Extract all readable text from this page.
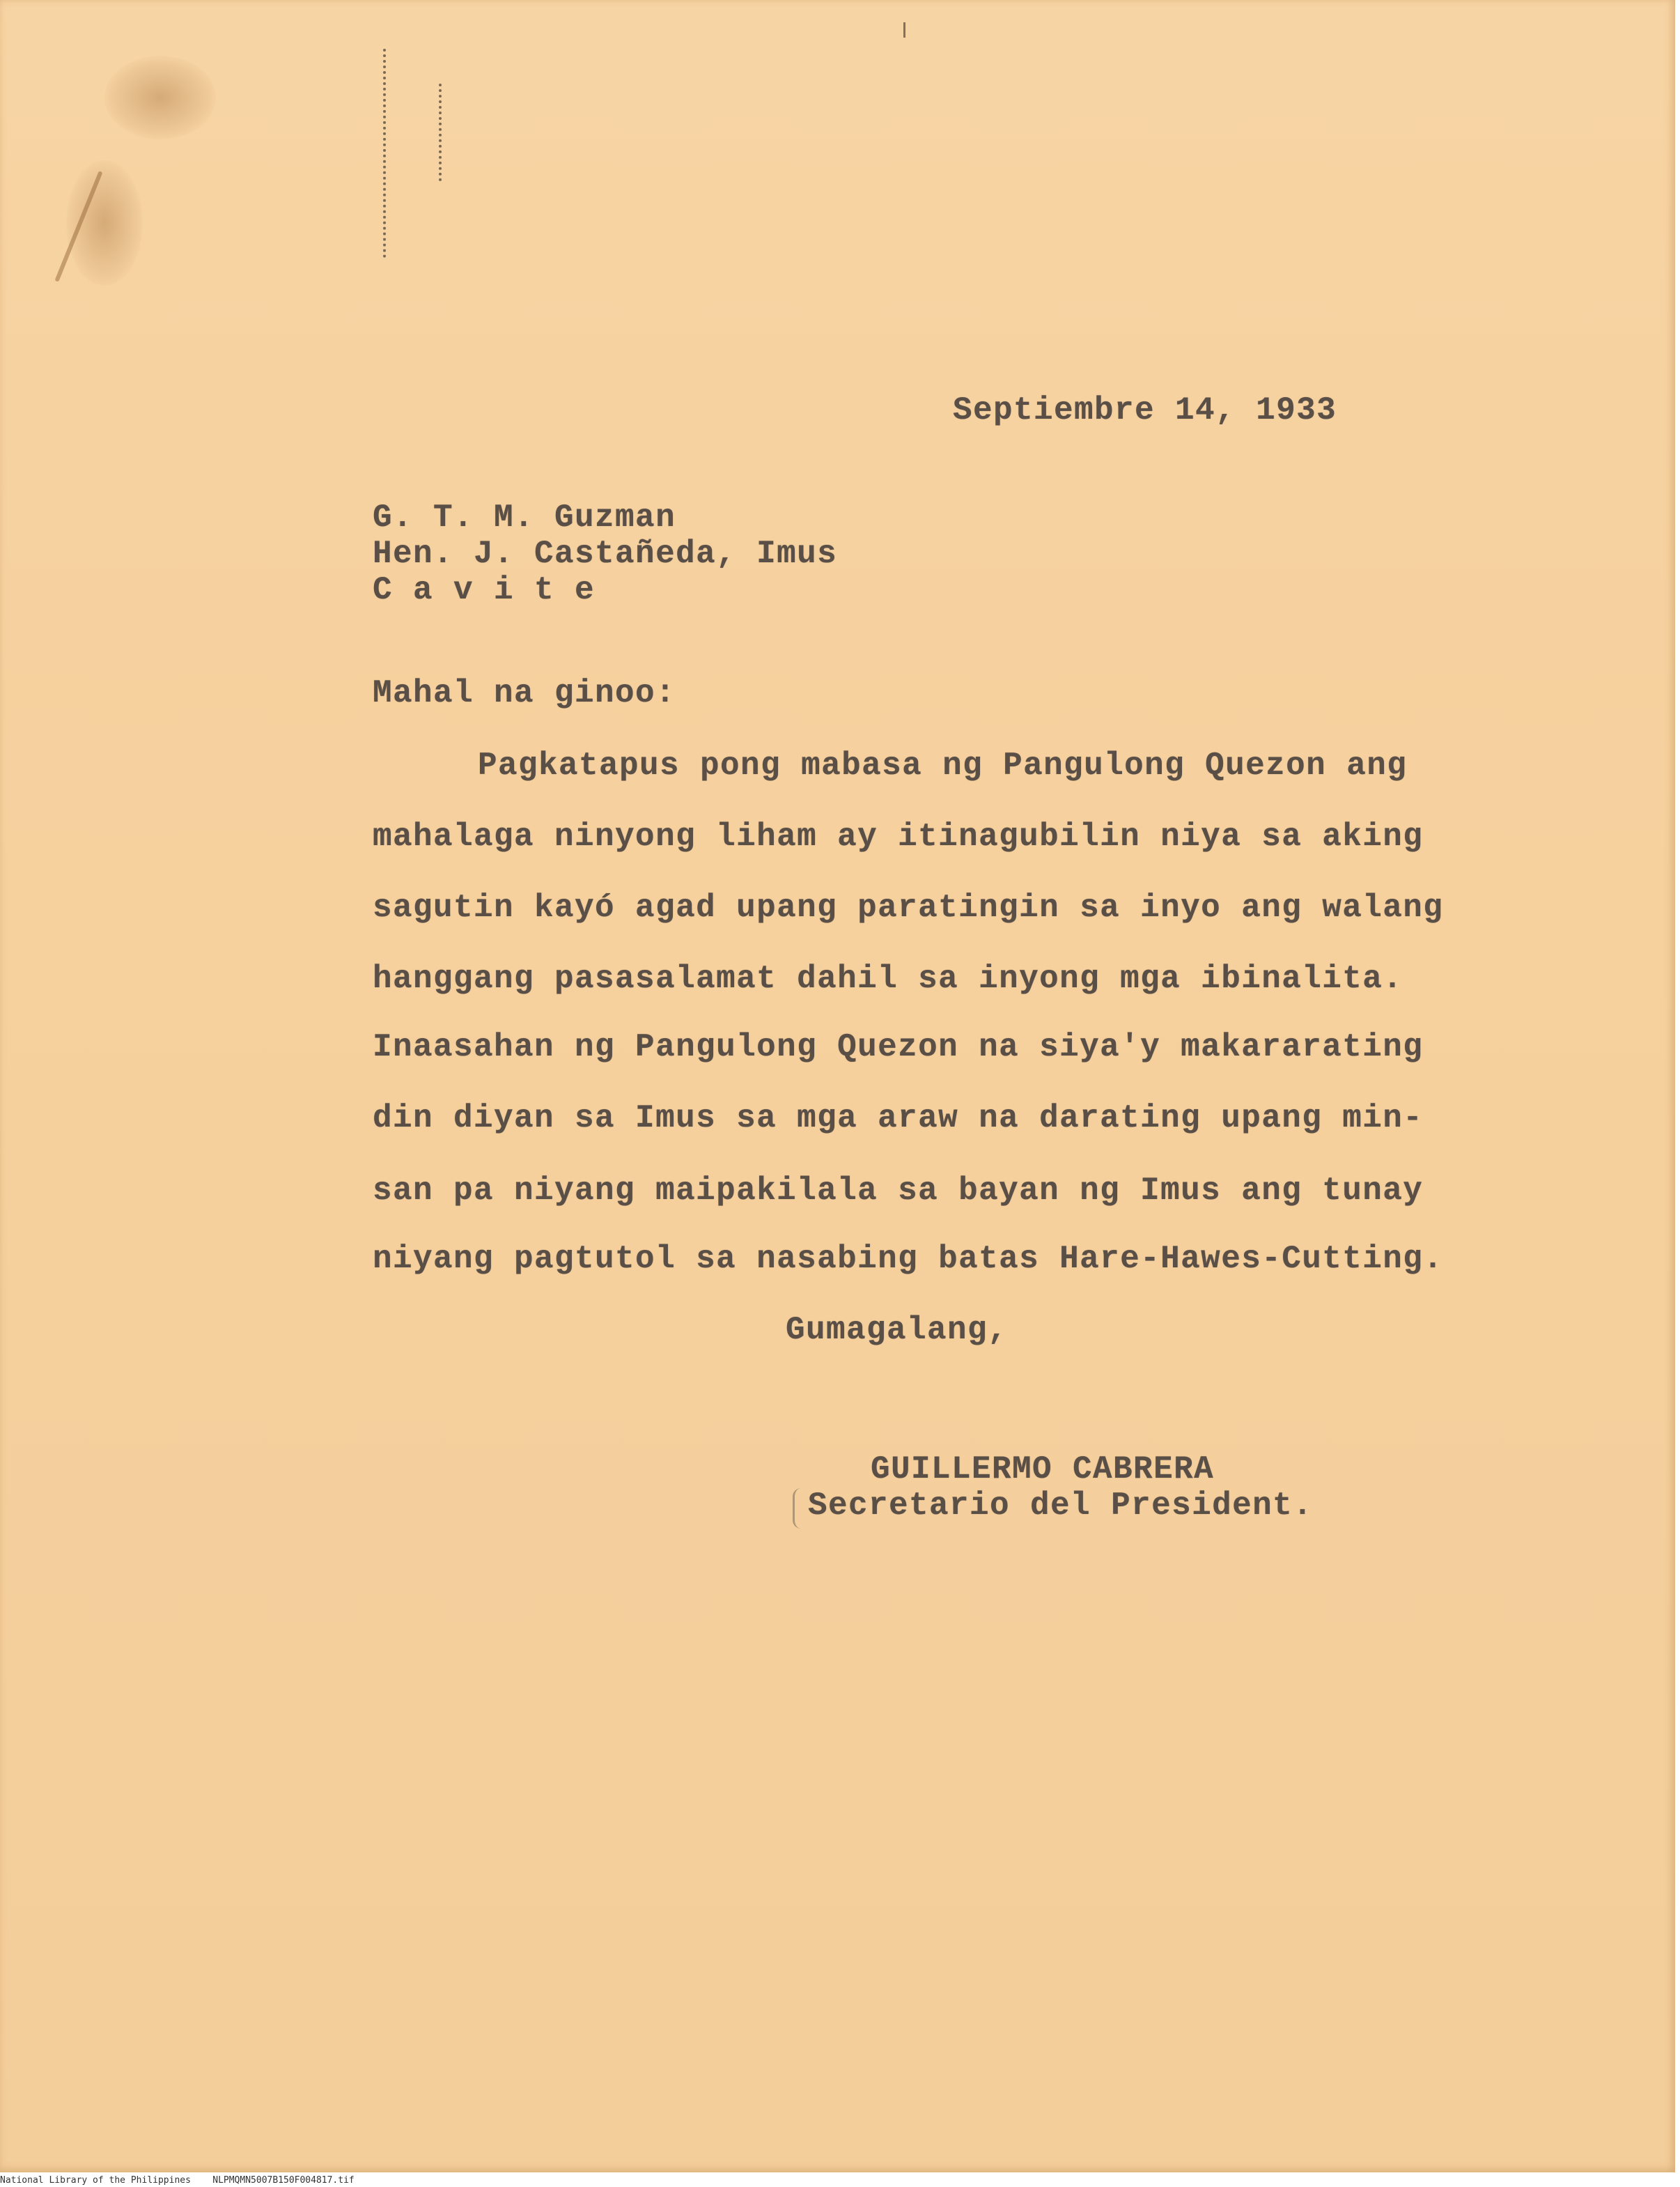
Septiembre 14, 1933
G. T. M. Guzman
Hen. J. Castañeda, Imus
C a v i t e
Mahal na ginoo:
Pagkatapus pong mabasa ng Pangulong Quezon ang
mahalaga ninyong liham ay itinagubilin niya sa aking
sagutin kayó agad upang paratingin sa inyo ang walang
hanggang pasasalamat dahil sa inyong mga ibinalita.
Inaasahan ng Pangulong Quezon na siya'y makararating
din diyan sa Imus sa mga araw na darating upang min-
san pa niyang maipakilala sa bayan ng Imus ang tunay
niyang pagtutol sa nasabing batas Hare-Hawes-Cutting.
Gumagalang,
GUILLERMO CABRERA
Secretario del President.
National Library of the Philippines NLPMQMN5007B150F004817.tif
